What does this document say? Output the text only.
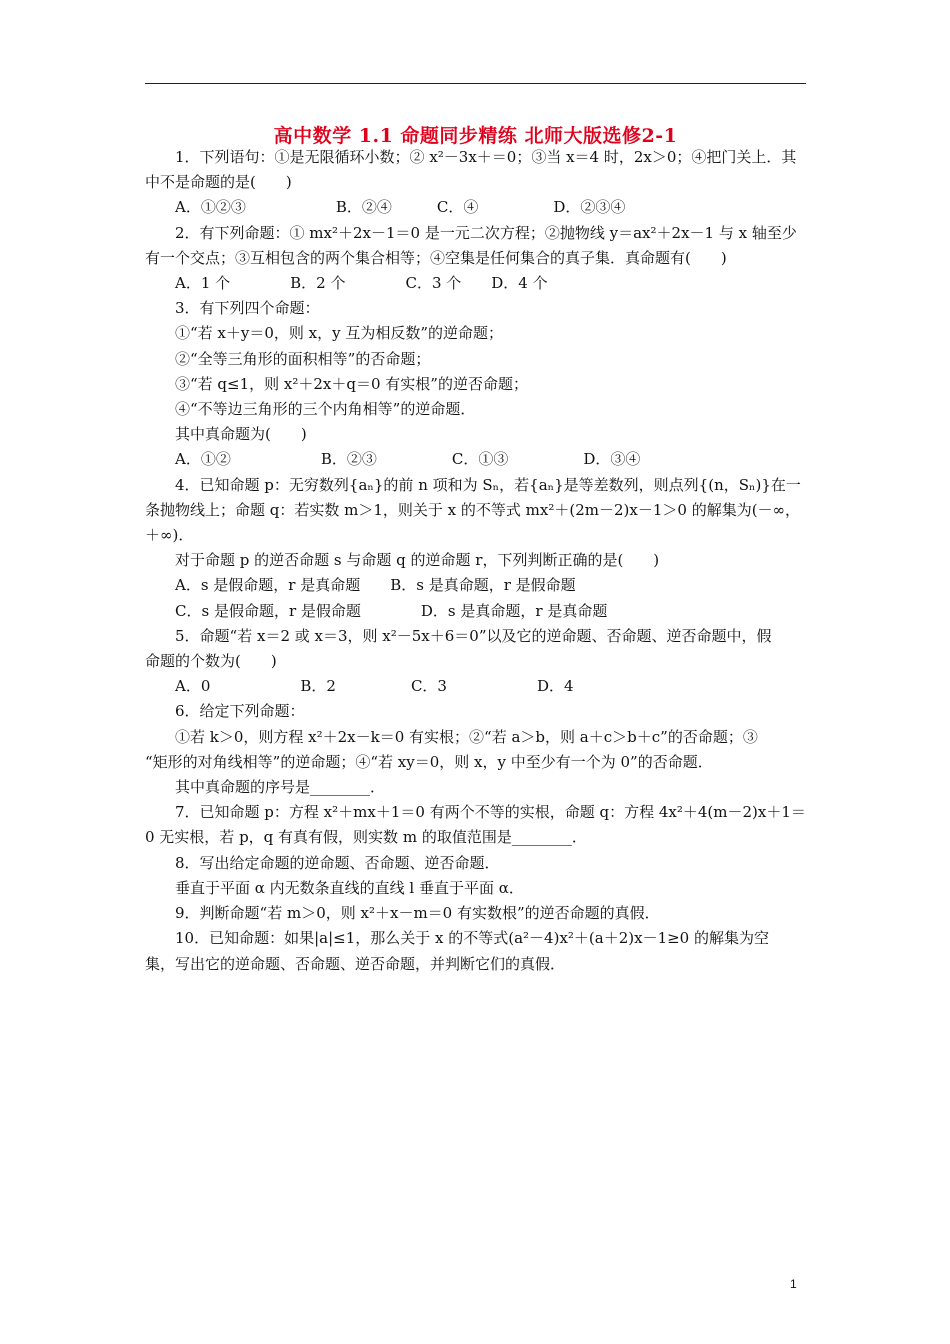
高中数学 1.1 命题同步精练 北师大版选修2-1
1．下列语句：①是无限循环小数；② x²－3x＋＝0；③当 x＝4 时，2x＞0；④把门关上．其
中不是命题的是(　　)
A．①②③　　　　　　B．②④　　　C．④　　　　　D．②③④
2．有下列命题：① mx²＋2x－1＝0 是一元二次方程；②抛物线 y＝ax²＋2x－1 与 x 轴至少
有一个交点；③互相包含的两个集合相等；④空集是任何集合的真子集．真命题有(　　)
A．1 个　　　　B．2 个　　　　C．3 个　　D．4 个
3．有下列四个命题：
①“若 x＋y＝0，则 x，y 互为相反数”的逆命题；
②“全等三角形的面积相等”的否命题；
③“若 q≤1，则 x²＋2x＋q＝0 有实根”的逆否命题；
④“不等边三角形的三个内角相等”的逆命题．
其中真命题为(　　)
A．①②　　　　　　B．②③　　　　　C．①③　　　　　D．③④
4．已知命题 p：无穷数列{aₙ}的前 n 项和为 Sₙ，若{aₙ}是等差数列，则点列{(n，Sₙ)}在一
条抛物线上；命题 q：若实数 m＞1，则关于 x 的不等式 mx²＋(2m－2)x－1＞0 的解集为(－∞，
＋∞)．
对于命题 p 的逆否命题 s 与命题 q 的逆命题 r，下列判断正确的是(　　)
A．s 是假命题，r 是真命题　　B．s 是真命题，r 是假命题
C．s 是假命题，r 是假命题　　　　D．s 是真命题，r 是真命题
5．命题“若 x＝2 或 x＝3，则 x²－5x＋6＝0”以及它的逆命题、否命题、逆否命题中，假
命题的个数为(　　)
A．0　　　　　　B．2　　　　　C．3　　　　　　D．4
6．给定下列命题：
①若 k＞0，则方程 x²＋2x－k＝0 有实根；②“若 a＞b，则 a＋c＞b＋c”的否命题；③
“矩形的对角线相等”的逆命题；④“若 xy＝0，则 x，y 中至少有一个为 0”的否命题．
其中真命题的序号是________．
7．已知命题 p：方程 x²＋mx＋1＝0 有两个不等的实根，命题 q：方程 4x²＋4(m－2)x＋1＝
0 无实根，若 p，q 有真有假，则实数 m 的取值范围是________．
8．写出给定命题的逆命题、否命题、逆否命题．
垂直于平面 α 内无数条直线的直线 l 垂直于平面 α．
9．判断命题“若 m＞0，则 x²＋x－m＝0 有实数根”的逆否命题的真假．
10．已知命题：如果|a|≤1，那么关于 x 的不等式(a²－4)x²＋(a＋2)x－1≥0 的解集为空
集，写出它的逆命题、否命题、逆否命题，并判断它们的真假．
1
